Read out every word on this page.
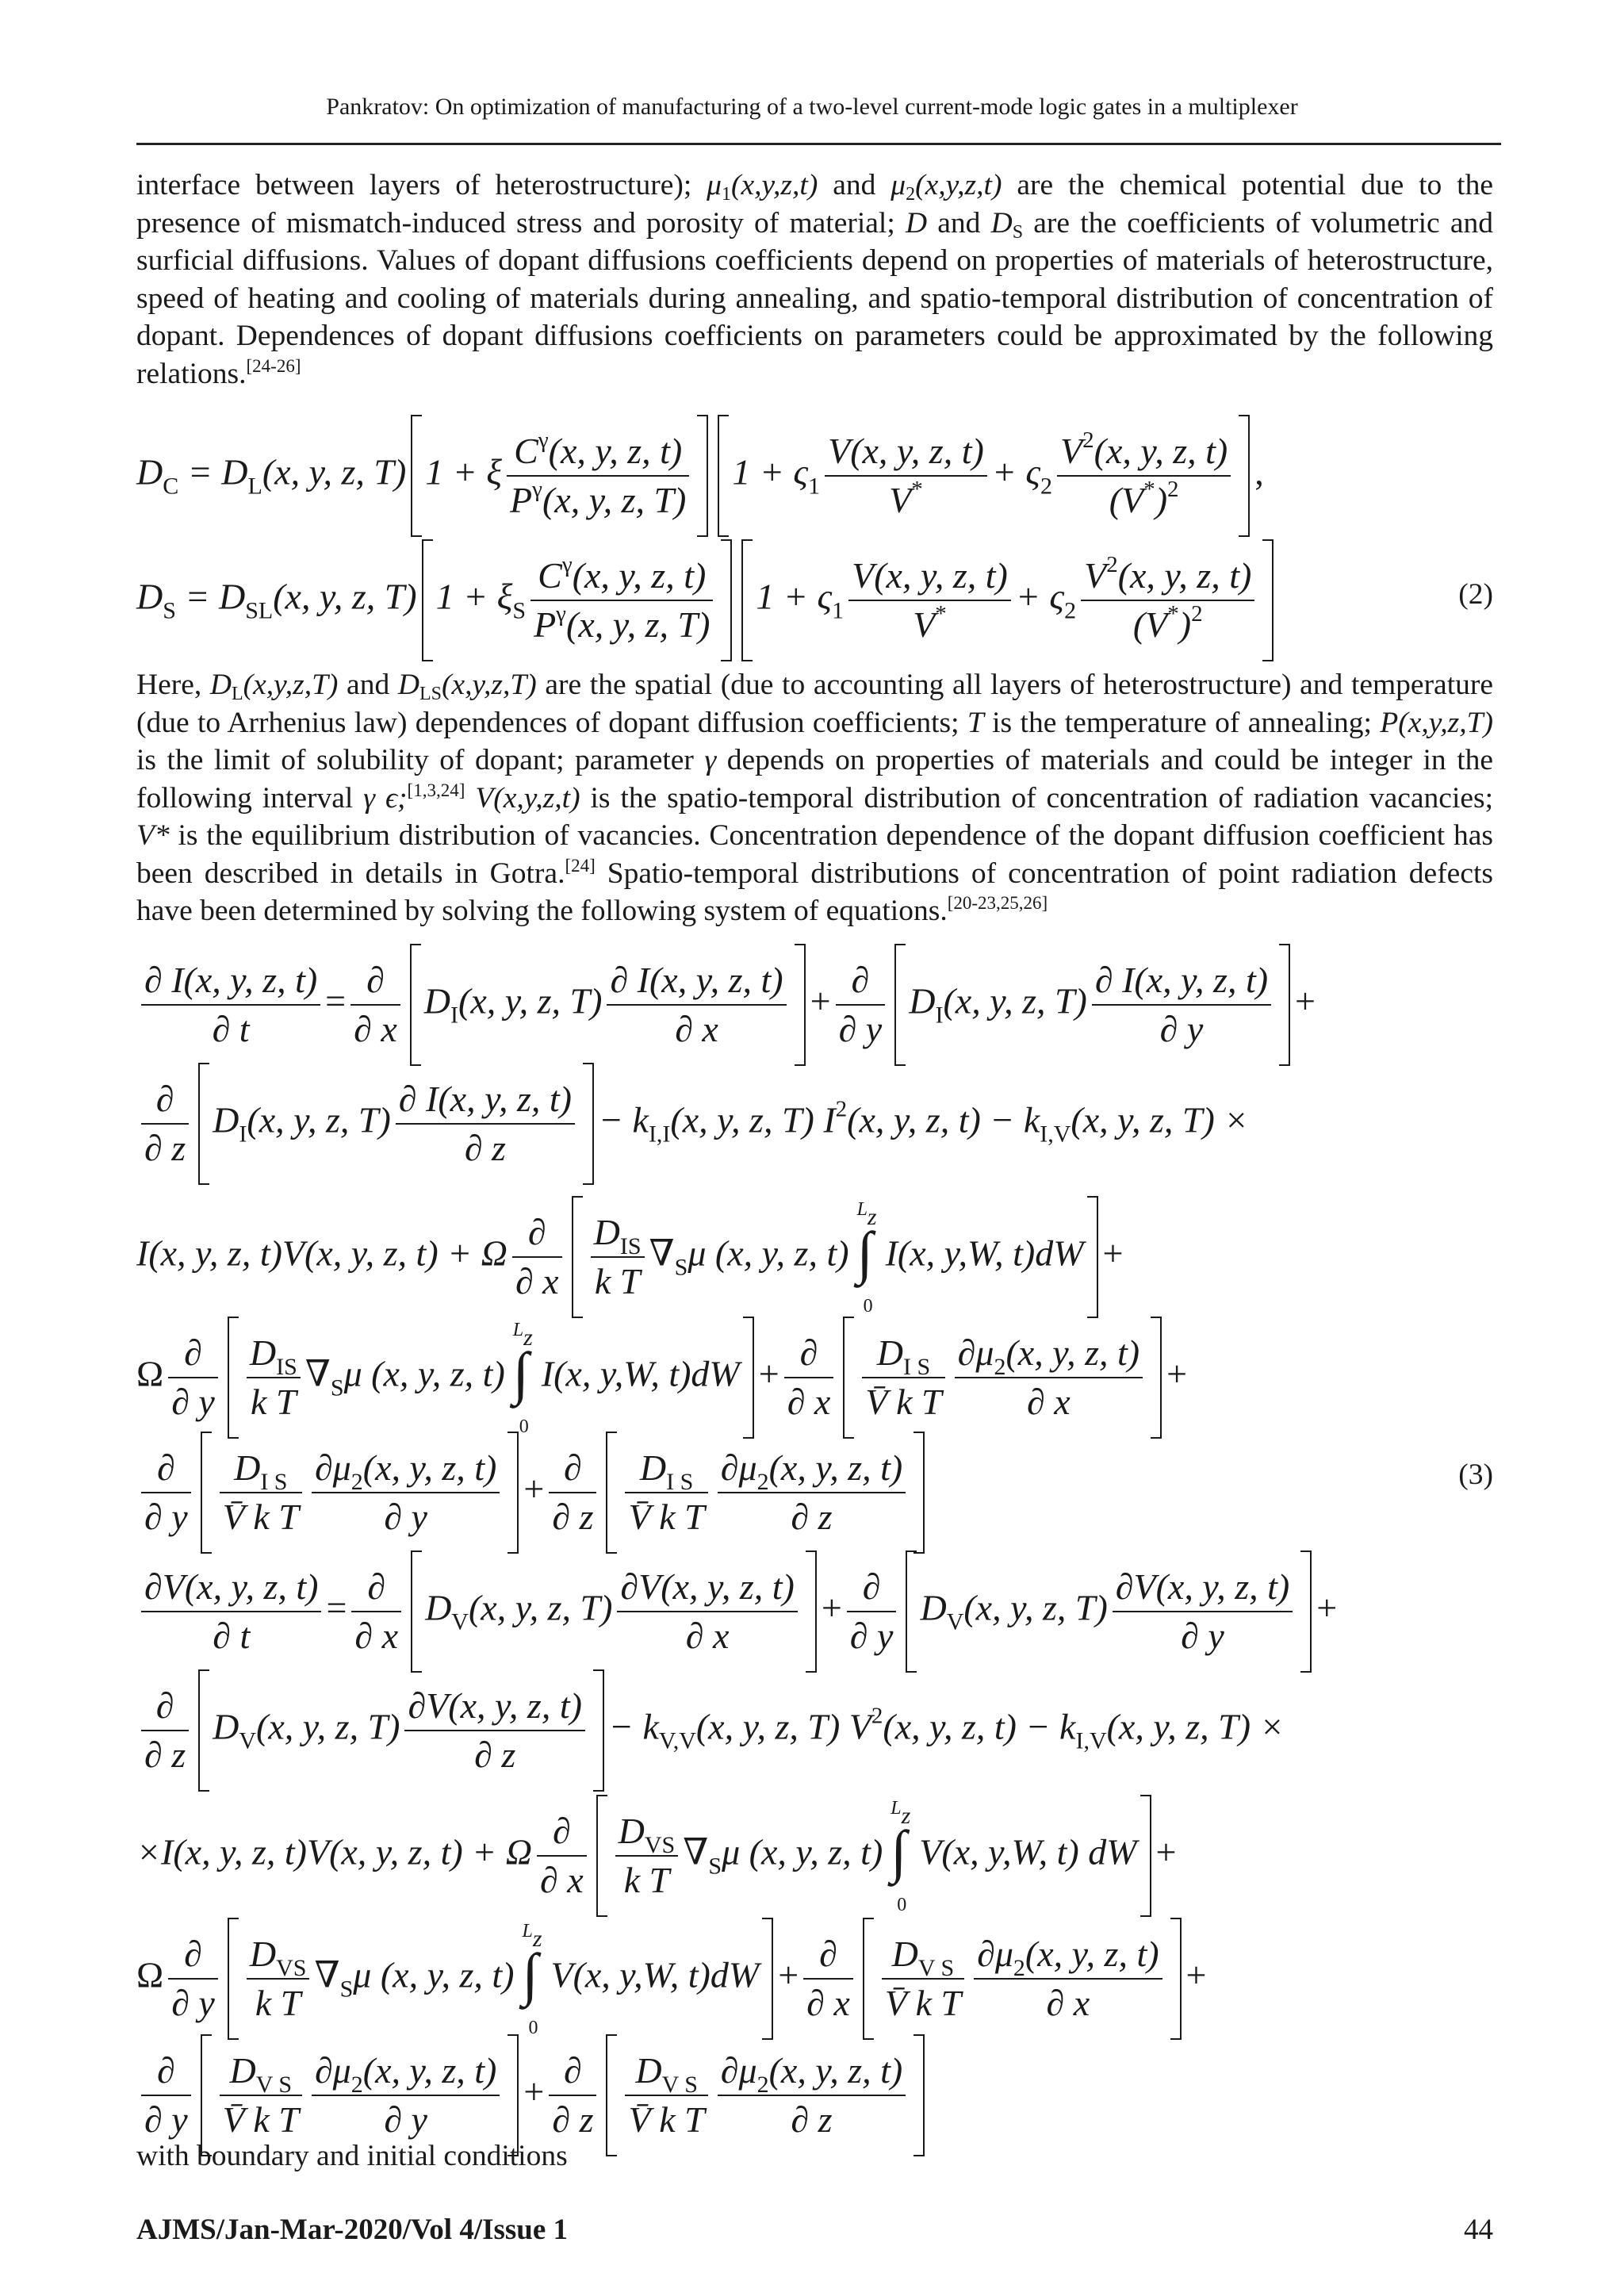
Pankratov: On optimization of manufacturing of a two-level current-mode logic gates in a multiplexer

interface between layers of heterostructure); $\mu_1(x,y,z,t)$ and $\mu_2(x,y,z,t)$ are the chemical potential due to the presence of mismatch-induced stress and porosity of material; D and $D_S$ are the coefficients of volumetric and surficial diffusions. Values of dopant diffusions coefficients depend on properties of materials of heterostructure, speed of heating and cooling of materials during annealing, and spatio-temporal distribution of concentration of dopant. Dependences of dopant diffusions coefficients on parameters could be approximated by the following relations.[24-26]

$D_C = D_L(x$, y, z, T) 1 + ξ $\frac{C^\gamma(x, y, z, t)}{P^\gamma(x, y, z, T)} 1 + \varsigma_1 \frac{V(x, y, z, t)}{V^*} + \varsigma_2 \frac{V^2(x, y, z, t)}{(V^*)^2}$ ,
$D_S = D_{SL}(x$, y, z, T) $1 + \xi_S \frac{C^\gamma(x, y, z, t)}{P^\gamma(x, y, z, T)} 1 + \varsigma_1 \frac{V(x, y, z, t)}{V^*} + \varsigma_2 \frac{V^2(x, y, z, t)}{(V^*)^2}$	(2)

Here, $D_L(x,y,z,T)$ and $D_{LS}(x,y,z,T)$ are the spatial (due to accounting all layers of heterostructure) and temperature (due to Arrhenius law) dependences of dopant diffusion coefficients; T is the temperature of annealing; P(x,y,z,T) is the limit of solubility of dopant; parameter γ depends on properties of materials and could be integer in the following interval γ ϵ;[1,3,24] V(x,y,z,t) is the spatio-temporal distribution of concentration of radiation vacancies; V* is the equilibrium distribution of vacancies. Concentration dependence of the dopant diffusion coefficient has been described in details in Gotra.[24] Spatio-temporal distributions of concentration of point radiation defects have been determined by solving the following system of equations.[20-23,25,26]

$\frac{\partial I(x, y, z, t)}{\partial t} = \frac{\partial}{\partial x} D_I(x$, y, z, $T) \frac{\partial I(x, y, z, t)}{\partial x} + \frac{\partial}{\partial y} D_I(x$, y, z, $T) \frac{\partial I(x, y, z, t)}{\partial y}$ +
$\frac{\partial}{\partial z} D_I(x$, y, z, $T) \frac{\partial I(x, y, z, t)}{\partial z} - k_{I,I}(x$, y, z, T) $I^2(x$, y, z, $t) - k_{I,V}(x$, y, z, T) ×
I(x, y, z, t)V(x, y, z, t) + Ω $\frac{\partial}{\partial x} \frac{D_{IS}}{\text{k T}} \nabla_S\mu$ (x, y, z, t)
$L_z$
∫
0
I(x, y,W, t)dW +
Ω $\frac{\partial}{\partial y} \frac{D_{IS}}{\text{k T}} \nabla_S\mu$ (x, y, z, t)
$L_z$
∫
0
I(x, y,W, $t)dW + \frac{\partial}{\partial x} \frac{D_{I S}}{\text{V̄ k T}} \frac{\partial\mu_2(x, y, z, t)}{\partial x}$ +
$\frac{\partial}{\partial y} \frac{D_{I S}}{\text{V̄ k T}} \frac{\partial\mu_2(x, y, z, t)}{\partial y} + \frac{\partial}{\partial z} \frac{D_{I S}}{\text{V̄ k T}} \frac{\partial\mu_2(x, y, z, t)}{\partial z}$	(3)
$\frac{\partial V(x, y, z, t)}{\partial t} = \frac{\partial}{\partial x} D_V(x$, y, z, $T) \frac{\partial V(x, y, z, t)}{\partial x} + \frac{\partial}{\partial y} D_V(x$, y, z, $T) \frac{\partial V(x, y, z, t)}{\partial y}$ +
$\frac{\partial}{\partial z} D_V(x$, y, z, $T) \frac{\partial V(x, y, z, t)}{\partial z} - k_{V,V}(x$, y, z, T) $V^2(x$, y, z, $t) - k_{I,V}(x$, y, z, T) ×
×I(x, y, z, t)V(x, y, z, t) + Ω $\frac{\partial}{\partial x} \frac{D_{VS}}{\text{k T}} \nabla_S\mu$ (x, y, z, t)
$L_z$
∫
0
V(x, y,W, t) dW +
Ω $\frac{\partial}{\partial y} \frac{D_{VS}}{\text{k T}} \nabla_S\mu$ (x, y, z, t)
$L_z$
∫
0
V(x, y,W, $t)dW + \frac{\partial}{\partial x} \frac{D_{V S}}{\text{V̄ k T}} \frac{\partial\mu_2(x, y, z, t)}{\partial x}$ +
$\frac{\partial}{\partial y} \frac{D_{V S}}{\text{V̄ k T}} \frac{\partial\mu_2(x, y, z, t)}{\partial y} + \frac{\partial}{\partial z} \frac{D_{V S}}{\text{V̄ k T}} \frac{\partial\mu_2(x, y, z, t)}{\partial z}$

with boundary and initial conditions

AJMS/Jan-Mar-2020/Vol 4/Issue 1	44
